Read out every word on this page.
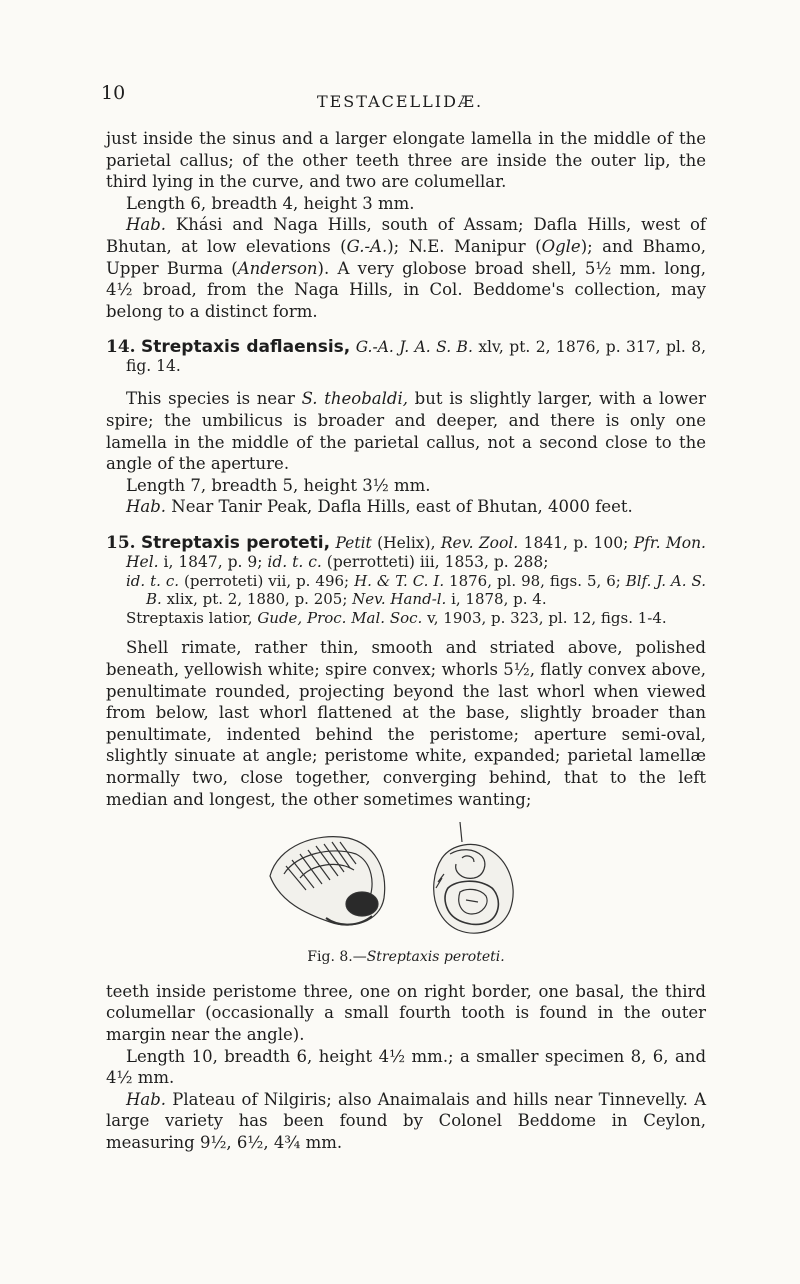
10	TESTACELLIDÆ.

just inside the sinus and a larger elongate lamella in the middle of the parietal callus; of the other teeth three are inside the outer lip, the third lying in the curve, and two are columellar.

Length 6, breadth 4, height 3 mm.

Hab. Khási and Naga Hills, south of Assam; Dafla Hills, west of Bhutan, at low elevations (G.-A.); N.E. Manipur (Ogle); and Bhamo, Upper Burma (Anderson). A very globose broad shell, 5½ mm. long, 4½ broad, from the Naga Hills, in Col. Beddome's collection, may belong to a distinct form.

14. Streptaxis daflaensis, G.-A. J. A. S. B. xlv, pt. 2, 1876, p. 317, pl. 8, fig. 14.

This species is near S. theobaldi, but is slightly larger, with a lower spire; the umbilicus is broader and deeper, and there is only one lamella in the middle of the parietal callus, not a second close to the angle of the aperture.

Length 7, breadth 5, height 3½ mm.

Hab. Near Tanir Peak, Dafla Hills, east of Bhutan, 4000 feet.

15. Streptaxis peroteti, Petit (Helix), Rev. Zool. 1841, p. 100; Pfr. Mon. Hel. i, 1847, p. 9; id. t. c. (perrotteti) iii, 1853, p. 288;

id. t. c. (perroteti) vii, p. 496; H. & T. C. I. 1876, pl. 98, figs. 5, 6; Blf. J. A. S. B. xlix, pt. 2, 1880, p. 205; Nev. Hand-l. i, 1878, p. 4.

Streptaxis latior, Gude, Proc. Mal. Soc. v, 1903, p. 323, pl. 12, figs. 1-4.

Shell rimate, rather thin, smooth and striated above, polished beneath, yellowish white; spire convex; whorls 5½, flatly convex above, penultimate rounded, projecting beyond the last whorl when viewed from below, last whorl flattened at the base, slightly broader than penultimate, indented behind the peristome; aperture semi-oval, slightly sinuate at angle; peristome white, expanded; parietal lamellæ normally two, close together, converging behind, that to the left median and longest, the other sometimes wanting;

Fig. 8.—Streptaxis peroteti.

teeth inside peristome three, one on right border, one basal, the third columellar (occasionally a small fourth tooth is found in the outer margin near the angle).

Length 10, breadth 6, height 4½ mm.; a smaller specimen 8, 6, and 4½ mm.

Hab. Plateau of Nilgiris; also Anaimalais and hills near Tinnevelly. A large variety has been found by Colonel Beddome in Ceylon, measuring 9½, 6½, 4¾ mm.
